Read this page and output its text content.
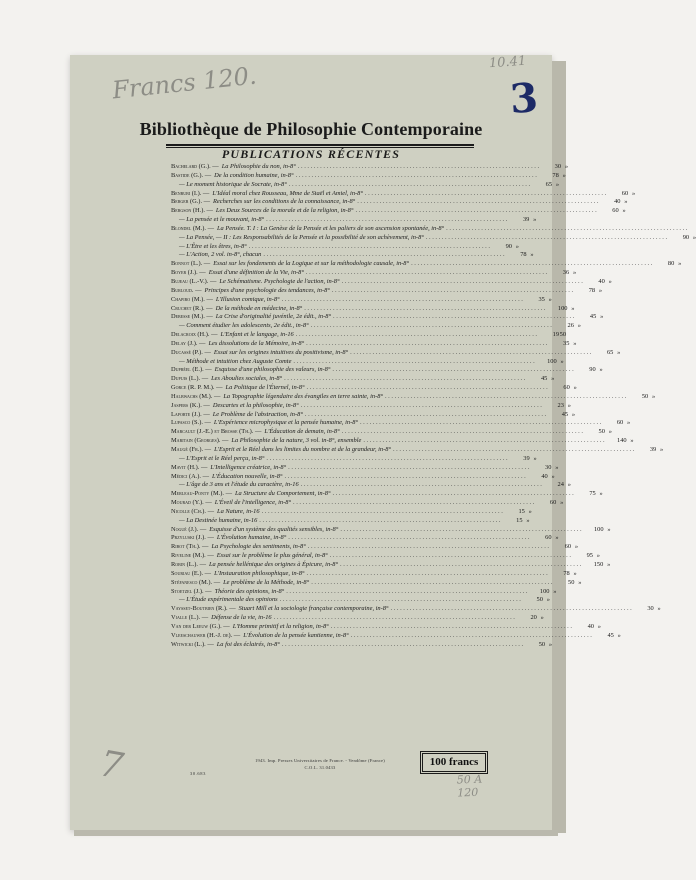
Francs 120.	10.41
3
Bibliothèque de Philosophie Contemporaine
PUBLICATIONS RÉCENTES
Bachelard (G.). — La Philosophie du non, in-8° . . .	30 »
Bastide (G.). — De la condition humaine, in-8° . . .	78 »
— Le moment historique de Socrate, in-8° . . .	65 »
Benrubi (I.). — L'Idéal moral chez Rousseau, Mme de Staël et Amiel, in-8° . . .	60 »
Berger (G.). — Recherches sur les conditions de la connaissance, in-8° . . .	40 »
Bergson (H.). — Les Deux Sources de la morale et de la religion, in-8° . . .	60 »
— La pensée et le mouvant, in-8° . . .	39 »
Blondel (M.). — La Pensée. T. I : La Genèse de la Pensée et les paliers de son ascension spontanée, in-8°
. . .
— La Pensée, — II : Les Responsabilités de la Pensée et la possibilité de son achèvement, in-8° . . .	90 »
— L'Être et les êtres, in-8° . . .	90 »
— L'Action, 2 vol. in-8°, chacun . . .	78 »
Bonnot (L.). — Essai sur les fondements de la Logique et sur la méthodologie causale, in-8° . . .	80 »
Boyer (J.). — Essai d'une définition de la Vie, in-8° . . .	36 »
Bujeau (L.-V.). — Le Schématisme. Psychologie de l'action, in-8° . . .	40 »
Burloud. — Principes d'une psychologie des tendances, in-8° . . .	78 »
Chapiro (M.). — L'Illusion comique, in-8° . . .	35 »
Cruchet (R.). — De la méthode en médecine, in-8° . . .	100 »
Debesse (M.). — La Crise d'originalité juvénile, 2e édit., in-8° . . .	45 »
— Comment étudier les adolescents, 2e édit., in-8° . . .	26 »
Delacroix (H.). — L'Enfant et le langage, in-16 . . .	19 50
Delay (J.). — Les dissolutions de la Mémoire, in-8° . . .	35 »
Ducassé (P.). — Essai sur les origines intuitives du positivisme, in-8° . . .	65 »
— Méthode et intuition chez Auguste Comte . . .	100 »
Dupréel (E.). — Esquisse d'une philosophie des valeurs, in-8° . . .	90 »
Dupuis (L.). — Les Aboulies sociales, in-8° . . .	45 »
Gorce (R. P. M.). — La Politique de l'Éternel, in-8° . . .	60 »
Halbwachs (M.). — La Topographie légendaire des évangiles en terre sainte, in-8° . . .	50 »
Jaspers (K.). — Descartes et la philosophie, in-8° . . .	23 »
Laporte (J.). — Le Problème de l'abstraction, in-8° . . .	45 »
Lupasco (S.). — L'Expérience microphysique et la pensée humaine, in-8° . . .	60 »
Marcault (J.-E.) et Brosse (Th.). — L'Éducation de demain, in-8° . . .	50 »
Maritain (Georges). — La Philosophie de la nature, 3 vol. in-8°, ensemble . . .	140 »
Maugé (Fr.). — L'Esprit et le Réel dans les limites du nombre et de la grandeur, in-8° . . .	39 »
— L'Esprit et le Réel perçu, in-8° . . .	39 »
Mavit (H.). — L'Intelligence créatrice, in-8° . . .	30 »
Médici (A.). — L'Éducation nouvelle, in-8° . . .	40 »
— L'âge de 3 ans et l'étude du caractère, in-16 . . .	24 »
Merleau-Ponty (M.). — La Structure du Comportement, in-8° . . .	75 »
Mourad (Y.). — L'Éveil de l'intelligence, in-8° . . .	60 »
Nicolle (Ch.). — La Nature, in-16 . . .	15 »
— La Destinée humaine, in-16 . . .	15 »
Nogué (J.). — Esquisse d'un système des qualités sensibles, in-8° . . .	100 »
Przyluski (J.). — L'Évolution humaine, in-8° . . .	60 »
Ribot (Th.). — La Psychologie des sentiments, in-8° . . .	60 »
Riveline (M.). — Essai sur le problème le plus général, in-8° . . .	95 »
Robin (L.). — La pensée hellénique des origines à Épicure, in-8° . . .	150 »
Souriau (E.). — L'Instauration philosophique, in-8° . . .	78 »
Stéfanesco (M.). — Le problème de la Méthode, in-8° . . .	50 »
Stoetzel (J.). — Théorie des opinions, in-8° . . .	100 »
— L'Étude expérimentale des opinions . . .	50 »
Vaysset-Boutbien (R.). — Stuart Mill et la sociologie française contemporaine, in-8° . . .	30 »
Vialle (L.). — Défense de la vie, in-16 . . .	20 »
Van der Leeuw (G.). — L'Homme primitif et la religion, in-8° . . .	40 »
Vleeschauwer (H.-J. de). — L'Évolution de la pensée kantienne, in-8° . . .	45 »
Witwicki (L.). — La foi des éclairés, in-8° . . .	50 »
30.683
1943. Imp. Presses Universitaires de France. - Vendôme (France)
C.O.L. 31.0433	100 francs
7	50 A
120
